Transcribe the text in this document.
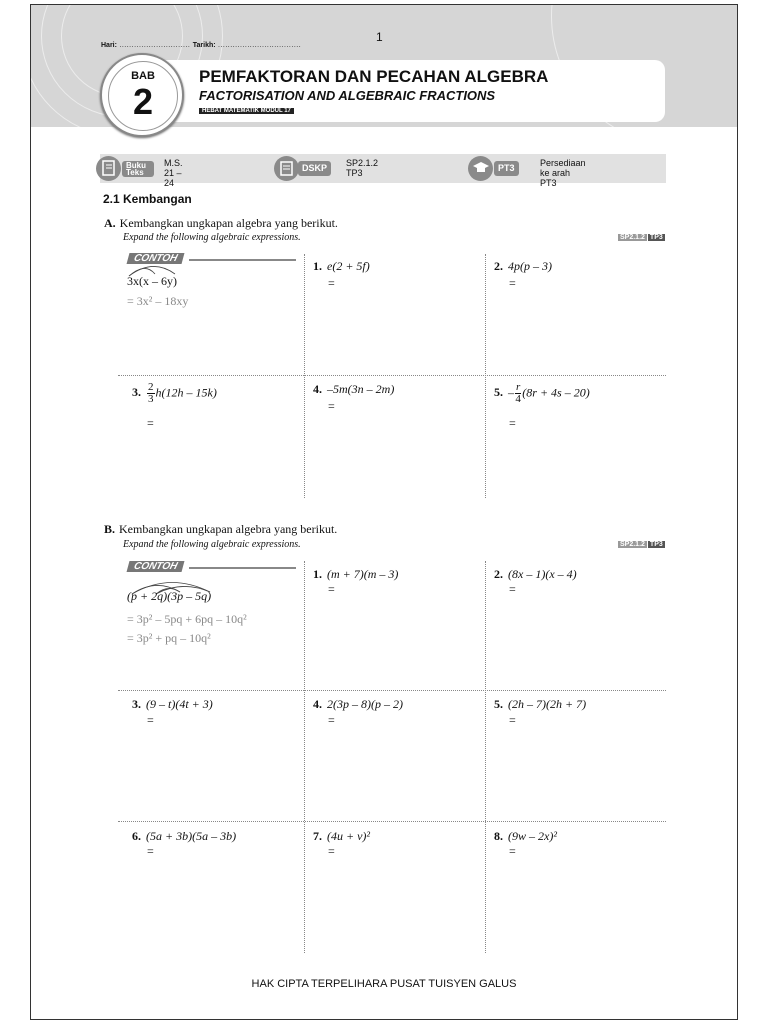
1
Hari: ............................. Tarikh: ..................................
BAB
2
PEMFAKTORAN DAN PECAHAN ALGEBRA
FACTORISATION AND ALGEBRAIC FRACTIONS
HEBAT MATEMATIK MODUL 17
Buku Teks
M.S. 21 – 24
DSKP	SP2.1.2
TP3	PT3	Persediaan ke arah PT3
2.1 Kembangan
A. Kembangkan ungkapan algebra yang berikut.
Expand the following algebraic expressions.	SP2.1.2 TP3
CONTOH
3x(x – 6y)
= 3x² – 18xy
1. e(2 + 5f)
=
2. 4p(p – 3)
=
3. $\frac{2}{3} h(12h - 15k)$
=
4. –5m(3n – 2m)
=
5. – $\frac{r}{4} (8r + 4s - 20)$
=
B. Kembangkan ungkapan algebra yang berikut.
Expand the following algebraic expressions.	SP2.1.2 TP3
CONTOH
(p + 2q)(3p – 5q)
= 3p² – 5pq + 6pq – 10q²
= 3p² + pq – 10q²
1. (m + 7)(m – 3)
=
2. (8x – 1)(x – 4)
=
3. (9 – t)(4t + 3)
=
4. 2(3p – 8)(p – 2)
=
5. (2h – 7)(2h + 7)
=
6. (5a + 3b)(5a – 3b)
=
7. (4u + v)²
=
8. (9w – 2x)²
=
HAK CIPTA TERPELIHARA PUSAT TUISYEN GALUS
